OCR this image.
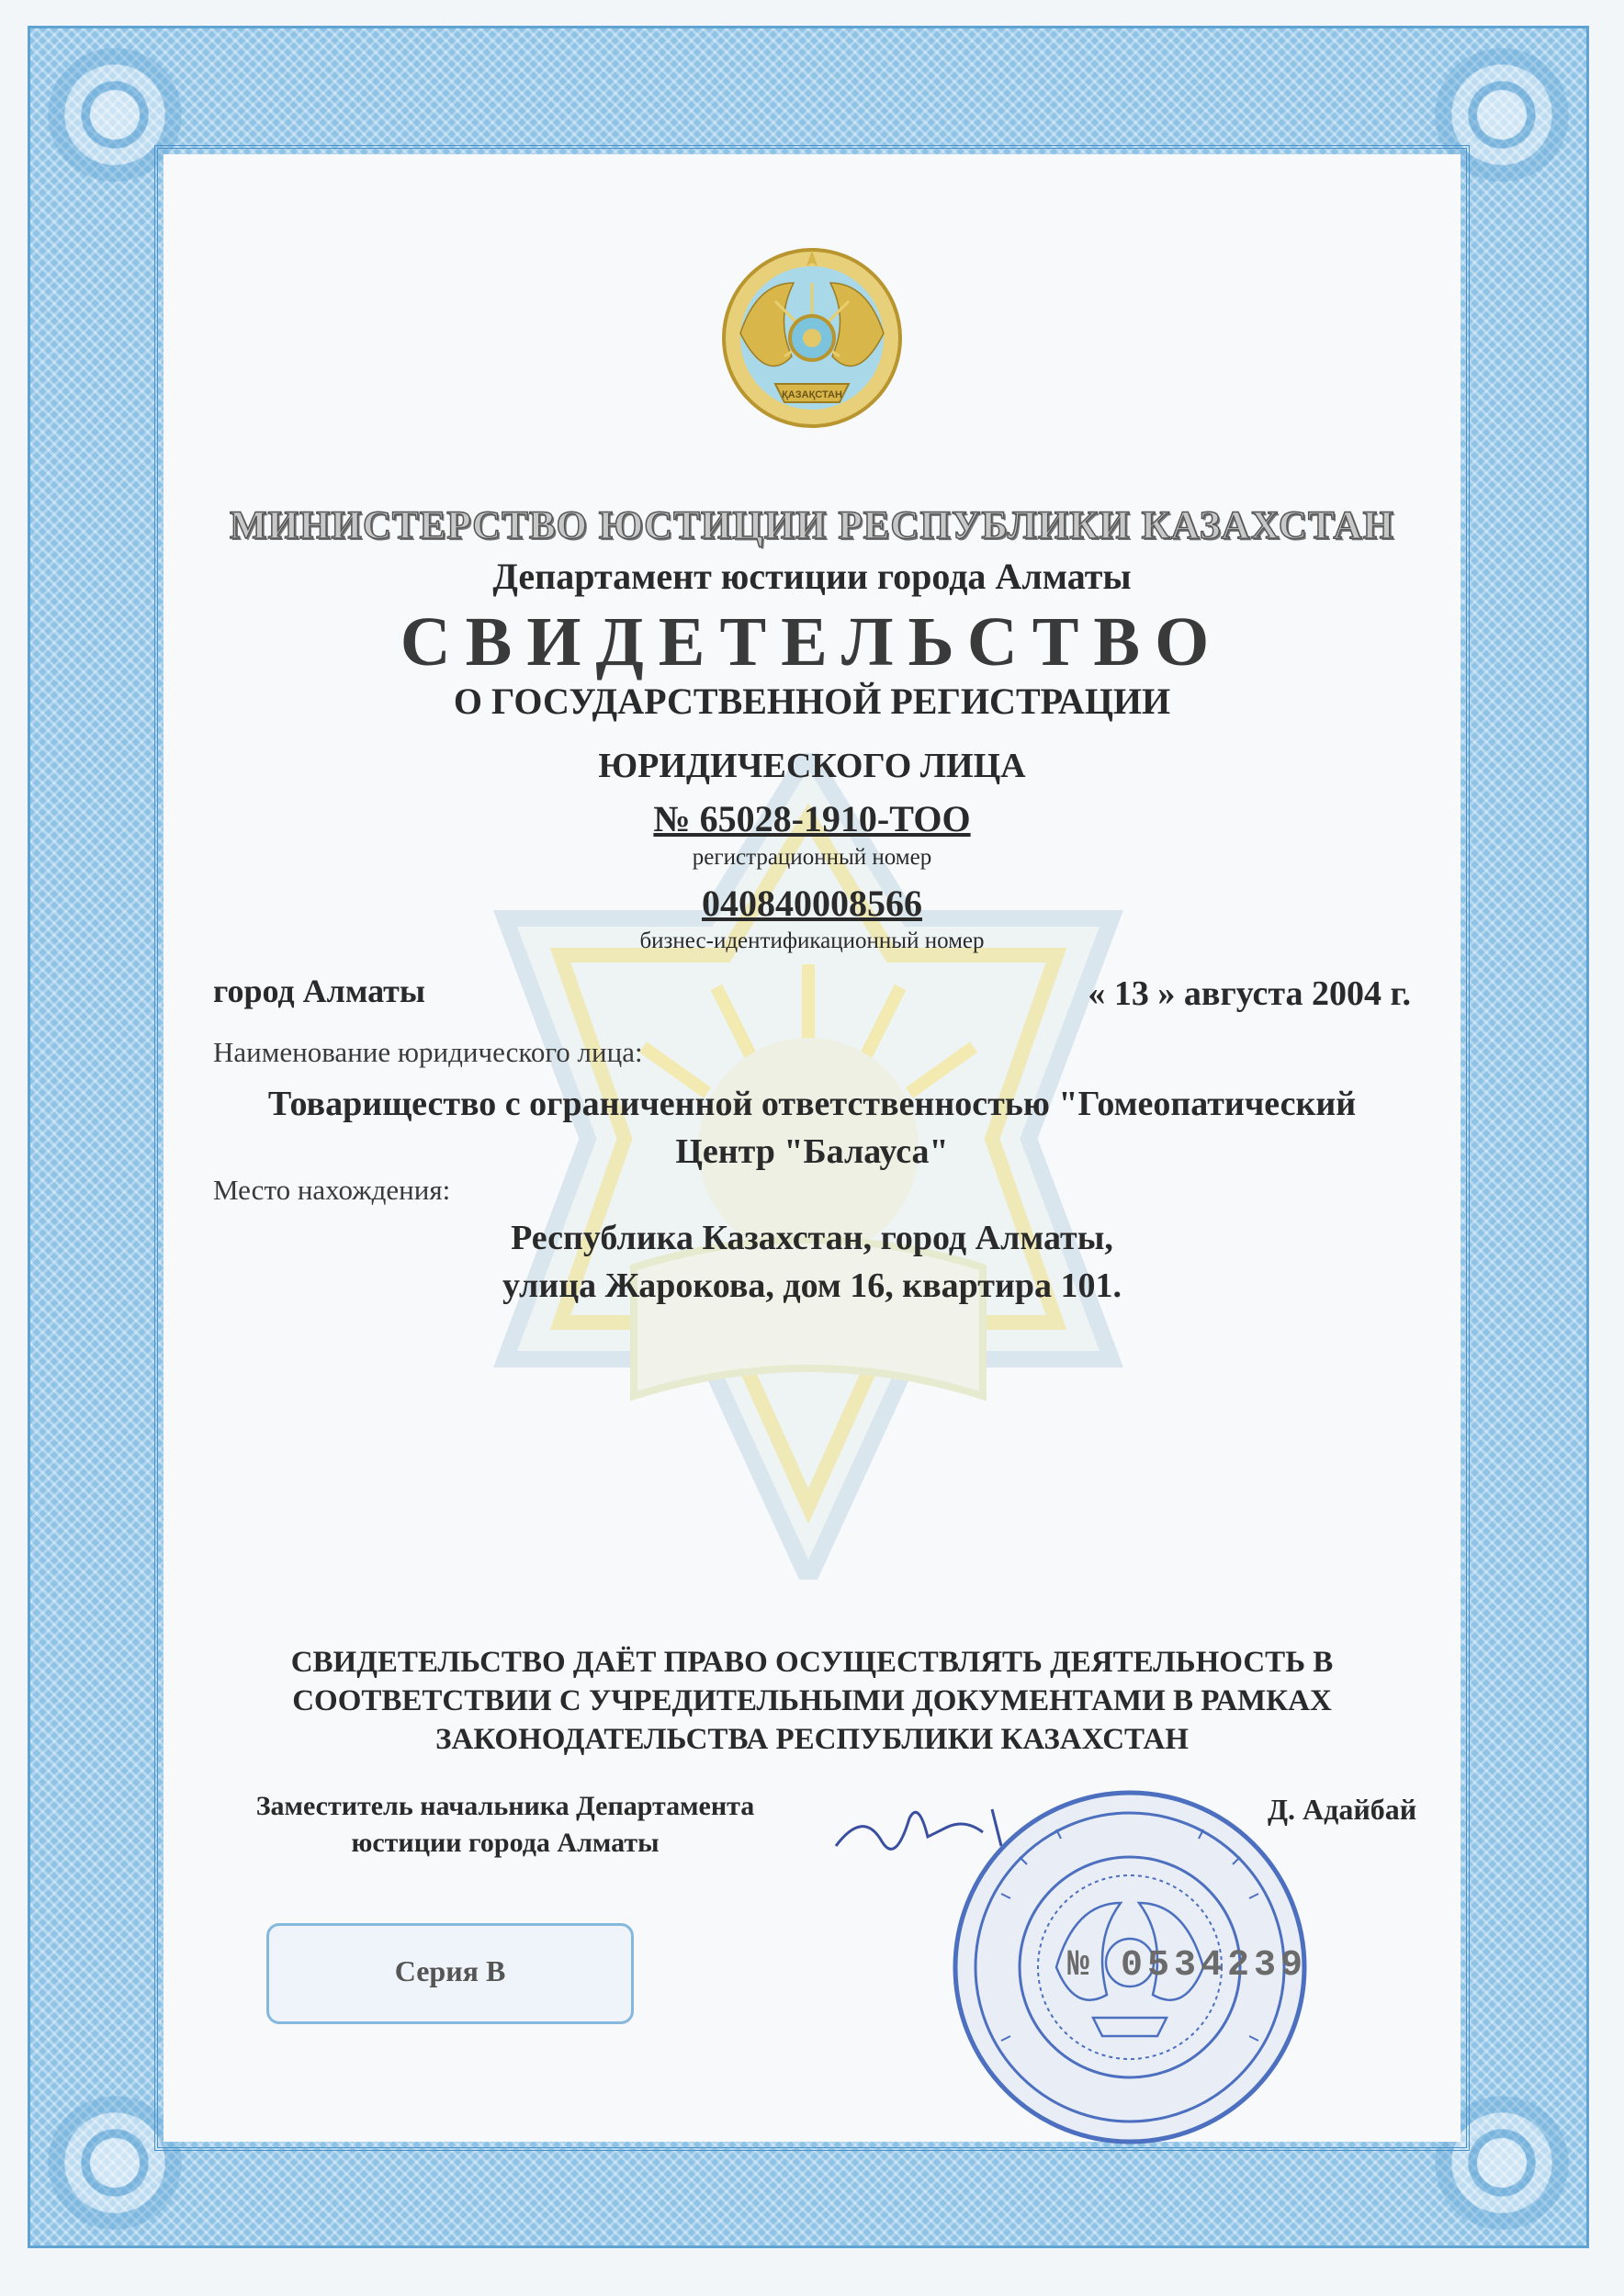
ҚАЗАҚСТАН
МИНИСТЕРСТВО ЮСТИЦИИ РЕСПУБЛИКИ КАЗАХСТАН
Департамент юстиции города Алматы
СВИДЕТЕЛЬСТВО
О ГОСУДАРСТВЕННОЙ РЕГИСТРАЦИИ
ЮРИДИЧЕСКОГО ЛИЦА
№ 65028-1910-ТОО
регистрационный номер
040840008566
бизнес-идентификационный номер
город Алматы	« 13 » августа 2004 г.
Наименование юридического лица:
Товарищество с ограниченной ответственностью "Гомеопатический
Центр "Балауса"
Место нахождения:
Республика Казахстан, город Алматы,
улица Жарокова, дом 16, квартира 101.
СВИДЕТЕЛЬСТВО ДАЁТ ПРАВО ОСУЩЕСТВЛЯТЬ ДЕЯТЕЛЬНОСТЬ В
СООТВЕТСТВИИ С УЧРЕДИТЕЛЬНЫМИ ДОКУМЕНТАМИ В РАМКАХ
ЗАКОНОДАТЕЛЬСТВА РЕСПУБЛИКИ КАЗАХСТАН
Заместитель начальника Департамента
юстиции города Алматы
Д. Адайбай
Серия В	№ 0534239
